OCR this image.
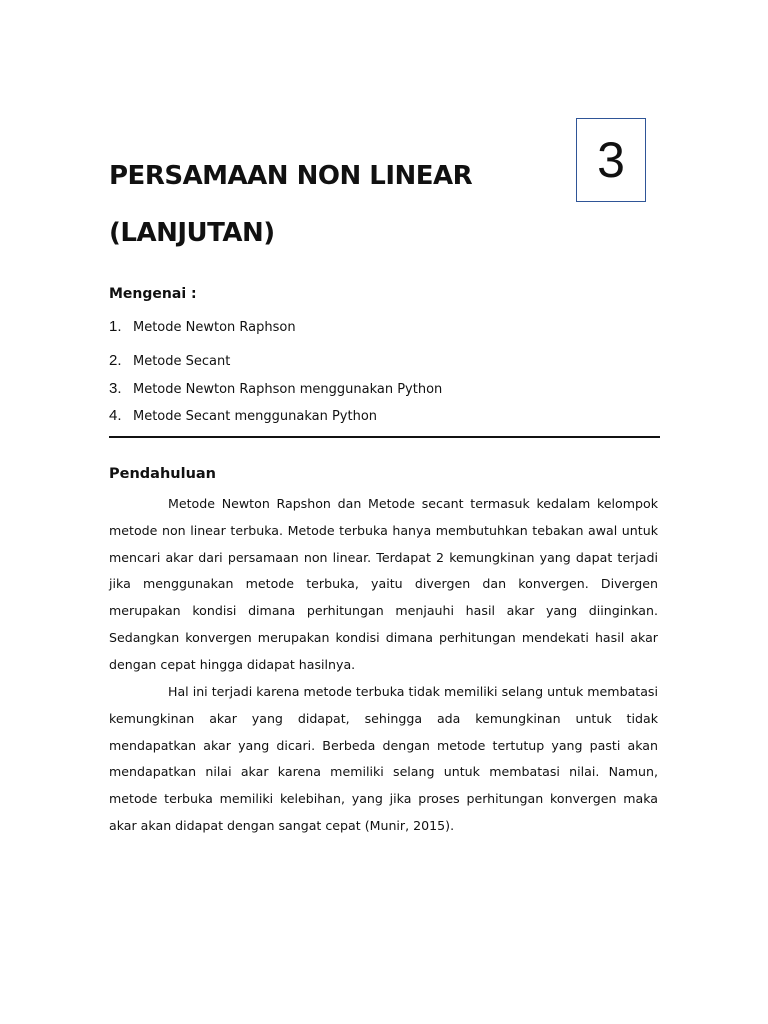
3
PERSAMAAN NON LINEAR
(LANJUTAN)
Mengenai :
1. Metode Newton Raphson
2. Metode Secant
3. Metode Newton Raphson menggunakan Python
4. Metode Secant menggunakan Python
Pendahuluan

Metode Newton Rapshon dan Metode secant termasuk kedalam kelompok metode non linear terbuka. Metode terbuka hanya membutuhkan tebakan awal untuk mencari akar dari persamaan non linear. Terdapat 2 kemungkinan yang dapat terjadi jika menggunakan metode terbuka, yaitu divergen dan konvergen. Divergen merupakan kondisi dimana perhitungan menjauhi hasil akar yang diinginkan. Sedangkan konvergen merupakan kondisi dimana perhitungan mendekati hasil akar dengan cepat hingga didapat hasilnya.

Hal ini terjadi karena metode terbuka tidak memiliki selang untuk membatasi kemungkinan akar yang didapat, sehingga ada kemungkinan untuk tidak mendapatkan akar yang dicari. Berbeda dengan metode tertutup yang pasti akan mendapatkan nilai akar karena memiliki selang untuk membatasi nilai. Namun, metode terbuka memiliki kelebihan, yang jika proses perhitungan konvergen maka akar akan didapat dengan sangat cepat (Munir, 2015).
